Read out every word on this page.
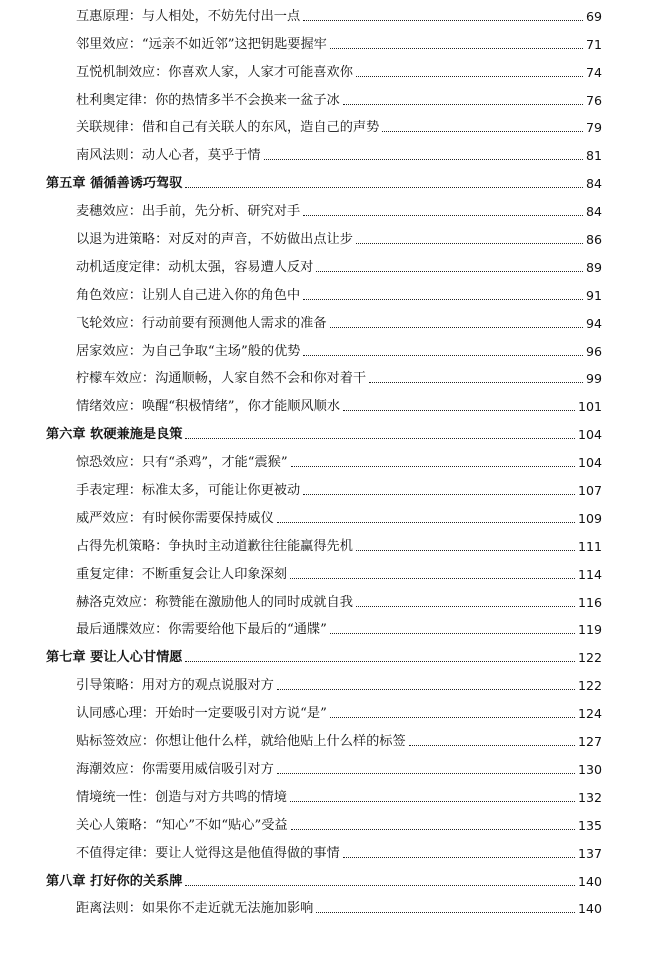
互惠原理：与人相处，不妨先付出一点	69
邻里效应：“远亲不如近邻”这把钥匙要握牢	71
互悦机制效应：你喜欢人家，人家才可能喜欢你	74
杜利奥定律：你的热情多半不会换来一盆子冰	76
关联规律：借和自己有关联人的东风，造自己的声势	79
南风法则：动人心者，莫乎于情	81
第五章 循循善诱巧驾驭	84
麦穗效应：出手前，先分析、研究对手	84
以退为进策略：对反对的声音，不妨做出点让步	86
动机适度定律：动机太强，容易遭人反对	89
角色效应：让别人自己进入你的角色中	91
飞轮效应：行动前要有预测他人需求的准备	94
居家效应：为自己争取“主场”般的优势	96
柠檬车效应：沟通顺畅，人家自然不会和你对着干	99
情绪效应：唤醒“积极情绪”，你才能顺风顺水	101
第六章 软硬兼施是良策	104
惊恐效应：只有“杀鸡”，才能“震猴”	104
手表定理：标准太多，可能让你更被动	107
威严效应：有时候你需要保持威仪	109
占得先机策略：争执时主动道歉往往能赢得先机	111
重复定律：不断重复会让人印象深刻	114
赫洛克效应：称赞能在激励他人的同时成就自我	116
最后通牒效应：你需要给他下最后的“通牒”	119
第七章 要让人心甘情愿	122
引导策略：用对方的观点说服对方	122
认同感心理：开始时一定要吸引对方说“是”	124
贴标签效应：你想让他什么样，就给他贴上什么样的标签	127
海潮效应：你需要用威信吸引对方	130
情境统一性：创造与对方共鸣的情境	132
关心人策略：“知心”不如“贴心”受益	135
不值得定律：要让人觉得这是他值得做的事情	137
第八章 打好你的关系牌	140
距离法则：如果你不走近就无法施加影响	140
